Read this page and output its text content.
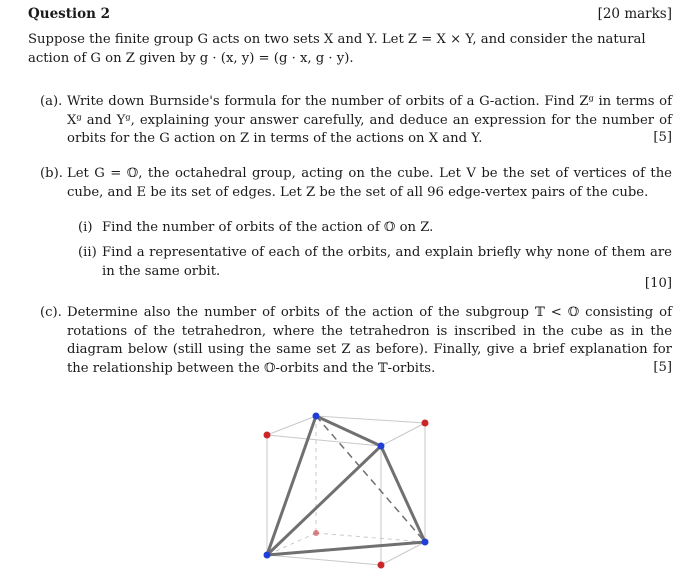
Question 2	[20 marks]
Suppose the finite group G acts on two sets X and Y. Let Z = X × Y, and consider the natural action of G on Z given by g · (x, y) = (g · x, g · y).
(a). Write down Burnside's formula for the number of orbits of a G-action. Find Zᵍ in terms of Xᵍ and Yᵍ, explaining your answer carefully, and deduce an expression for the number of orbits for the G action on Z in terms of the actions on X and Y.	[5]
(b). Let G = 𝕆, the octahedral group, acting on the cube. Let V be the set of vertices of the cube, and E be its set of edges. Let Z be the set of all 96 edge-vertex pairs of the cube.
(i) Find the number of orbits of the action of 𝕆 on Z.
(ii) Find a representative of each of the orbits, and explain briefly why none of them are in the same orbit.
[10]
(c). Determine also the number of orbits of the action of the subgroup 𝕋 < 𝕆 consisting of rotations of the tetrahedron, where the tetrahedron is inscribed in the cube as in the diagram below (still using the same set Z as before). Finally, give a brief explanation for the relationship between the 𝕆-orbits and the 𝕋-orbits.	[5]
